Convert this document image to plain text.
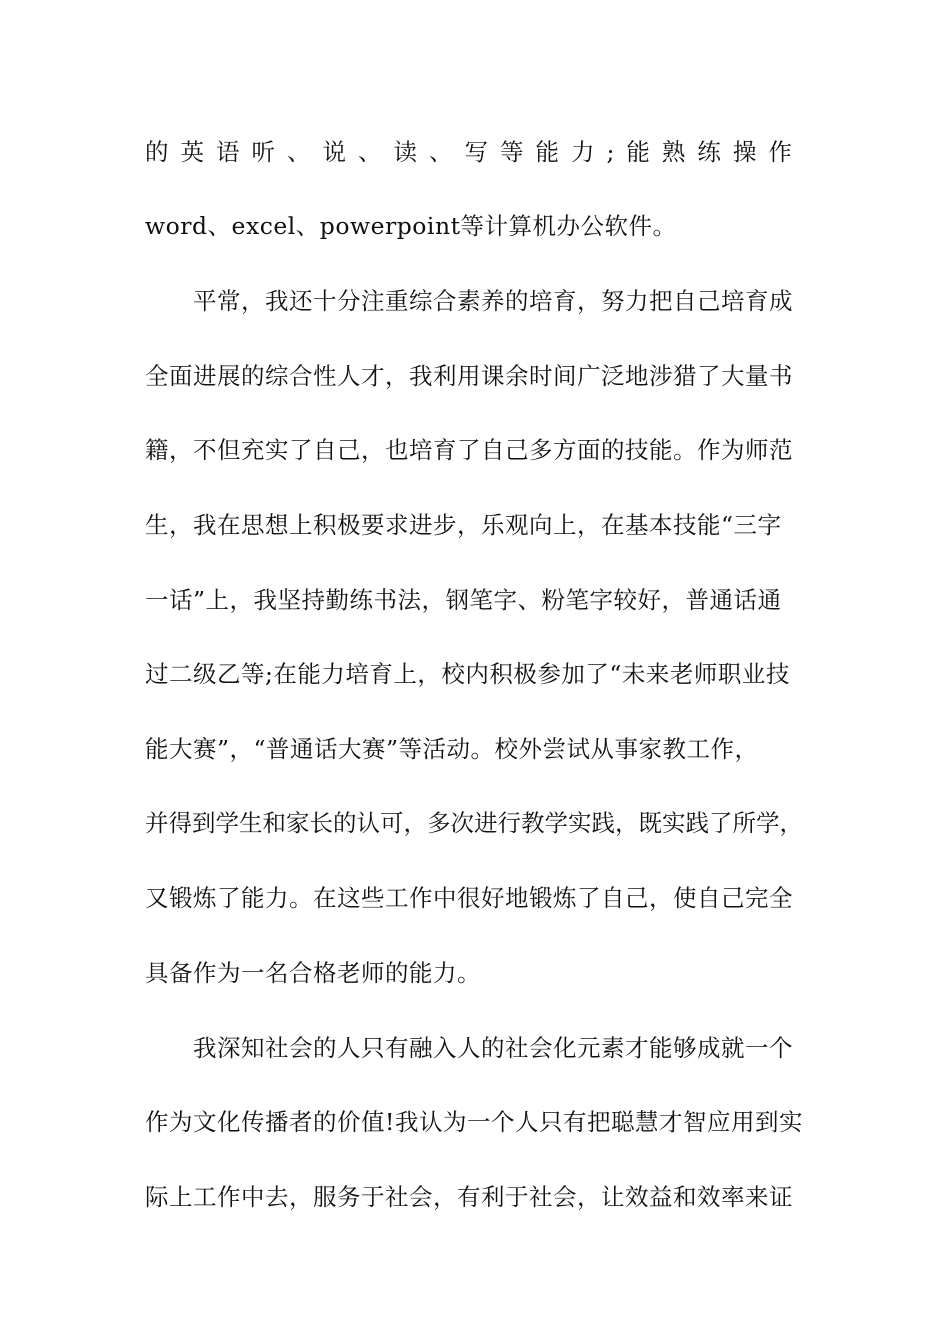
的英语听、说、读、写等能力;能熟练操作
word、excel、powerpoint等计算机办公软件。
平常，我还十分注重综合素养的培育，努力把自己培育成
全面进展的综合性人才，我利用课余时间广泛地涉猎了大量书
籍，不但充实了自己，也培育了自己多方面的技能。作为师范
生，我在思想上积极要求进步，乐观向上，在基本技能“三字
一话”上，我坚持勤练书法，钢笔字、粉笔字较好，普通话通
过二级乙等;在能力培育上，校内积极参加了“未来老师职业技
能大赛”，“普通话大赛”等活动。校外尝试从事家教工作，
并得到学生和家长的认可，多次进行教学实践，既实践了所学，
又锻炼了能力。在这些工作中很好地锻炼了自己，使自己完全
具备作为一名合格老师的能力。
我深知社会的人只有融入人的社会化元素才能够成就一个
作为文化传播者的价值!我认为一个人只有把聪慧才智应用到实
际上工作中去，服务于社会，有利于社会，让效益和效率来证
